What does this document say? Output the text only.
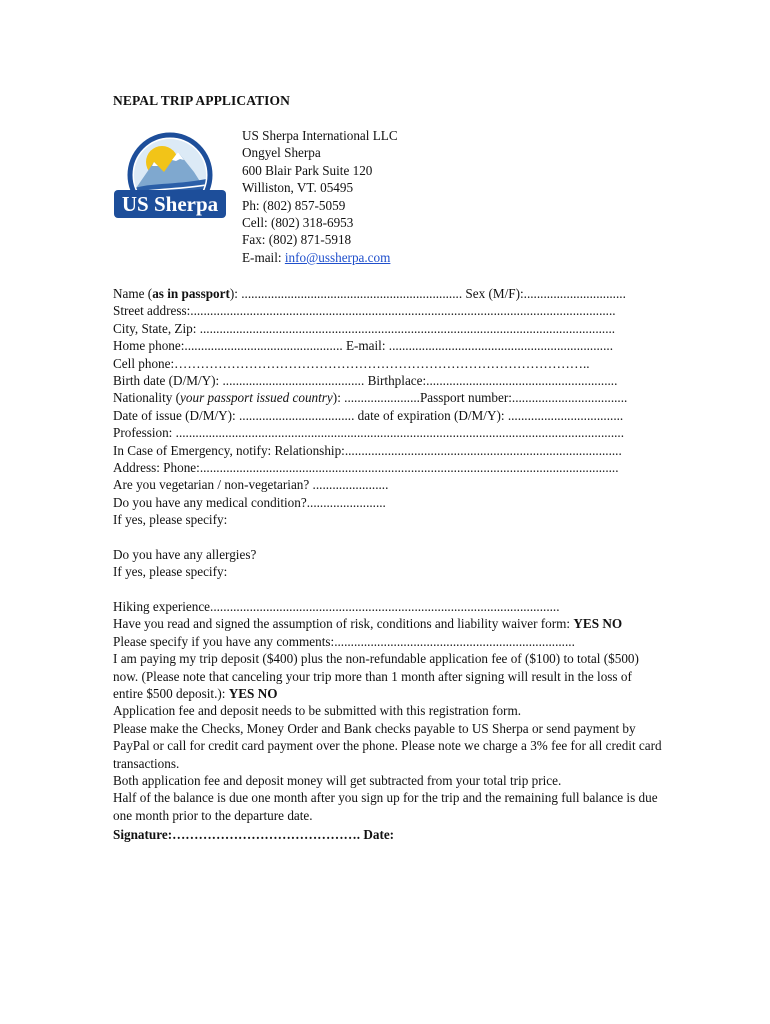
NEPAL TRIP APPLICATION
US Sherpa
US Sherpa International LLC
Ongyel Sherpa
600 Blair Park Suite 120
Williston, VT. 05495
Ph: (802) 857-5059
Cell: (802) 318-6953
Fax: (802) 871-5918
E-mail: info@ussherpa.com
Name (as in passport): ................................................................... Sex (M/F):...............................
Street address:.................................................................................................................................
City, State, Zip: ..............................................................................................................................
Home phone:................................................ E-mail: ....................................................................
Cell phone:…………………………………………………………………………………..
Birth date (D/M/Y): ........................................... Birthplace:..........................................................
Nationality (your passport issued country): .......................Passport number:...................................
Date of issue (D/M/Y): ................................... date of expiration (D/M/Y): ...................................
Profession: ........................................................................................................................................
In Case of Emergency, notify: Relationship:....................................................................................
Address: Phone:...............................................................................................................................
Are you vegetarian / non-vegetarian? .......................
Do you have any medical condition?........................
If yes, please specify:
Do you have any allergies?
If yes, please specify:
Hiking experience..........................................................................................................
Have you read and signed the assumption of risk, conditions and liability waiver form: YES NO
Please specify if you have any comments:.........................................................................
I am paying my trip deposit ($400) plus the non-refundable application fee of ($100) to total ($500) now. (Please note that canceling your trip more than 1 month after signing will result in the loss of entire $500 deposit.): YES NO
Application fee and deposit needs to be submitted with this registration form.
Please make the Checks, Money Order and Bank checks payable to US Sherpa or send payment by PayPal or call for credit card payment over the phone. Please note we charge a 3% fee for all credit card transactions.
Both application fee and deposit money will get subtracted from your total trip price.
Half of the balance is due one month after you sign up for the trip and the remaining full balance is due one month prior to the departure date.
Signature:……………………………………. Date:
